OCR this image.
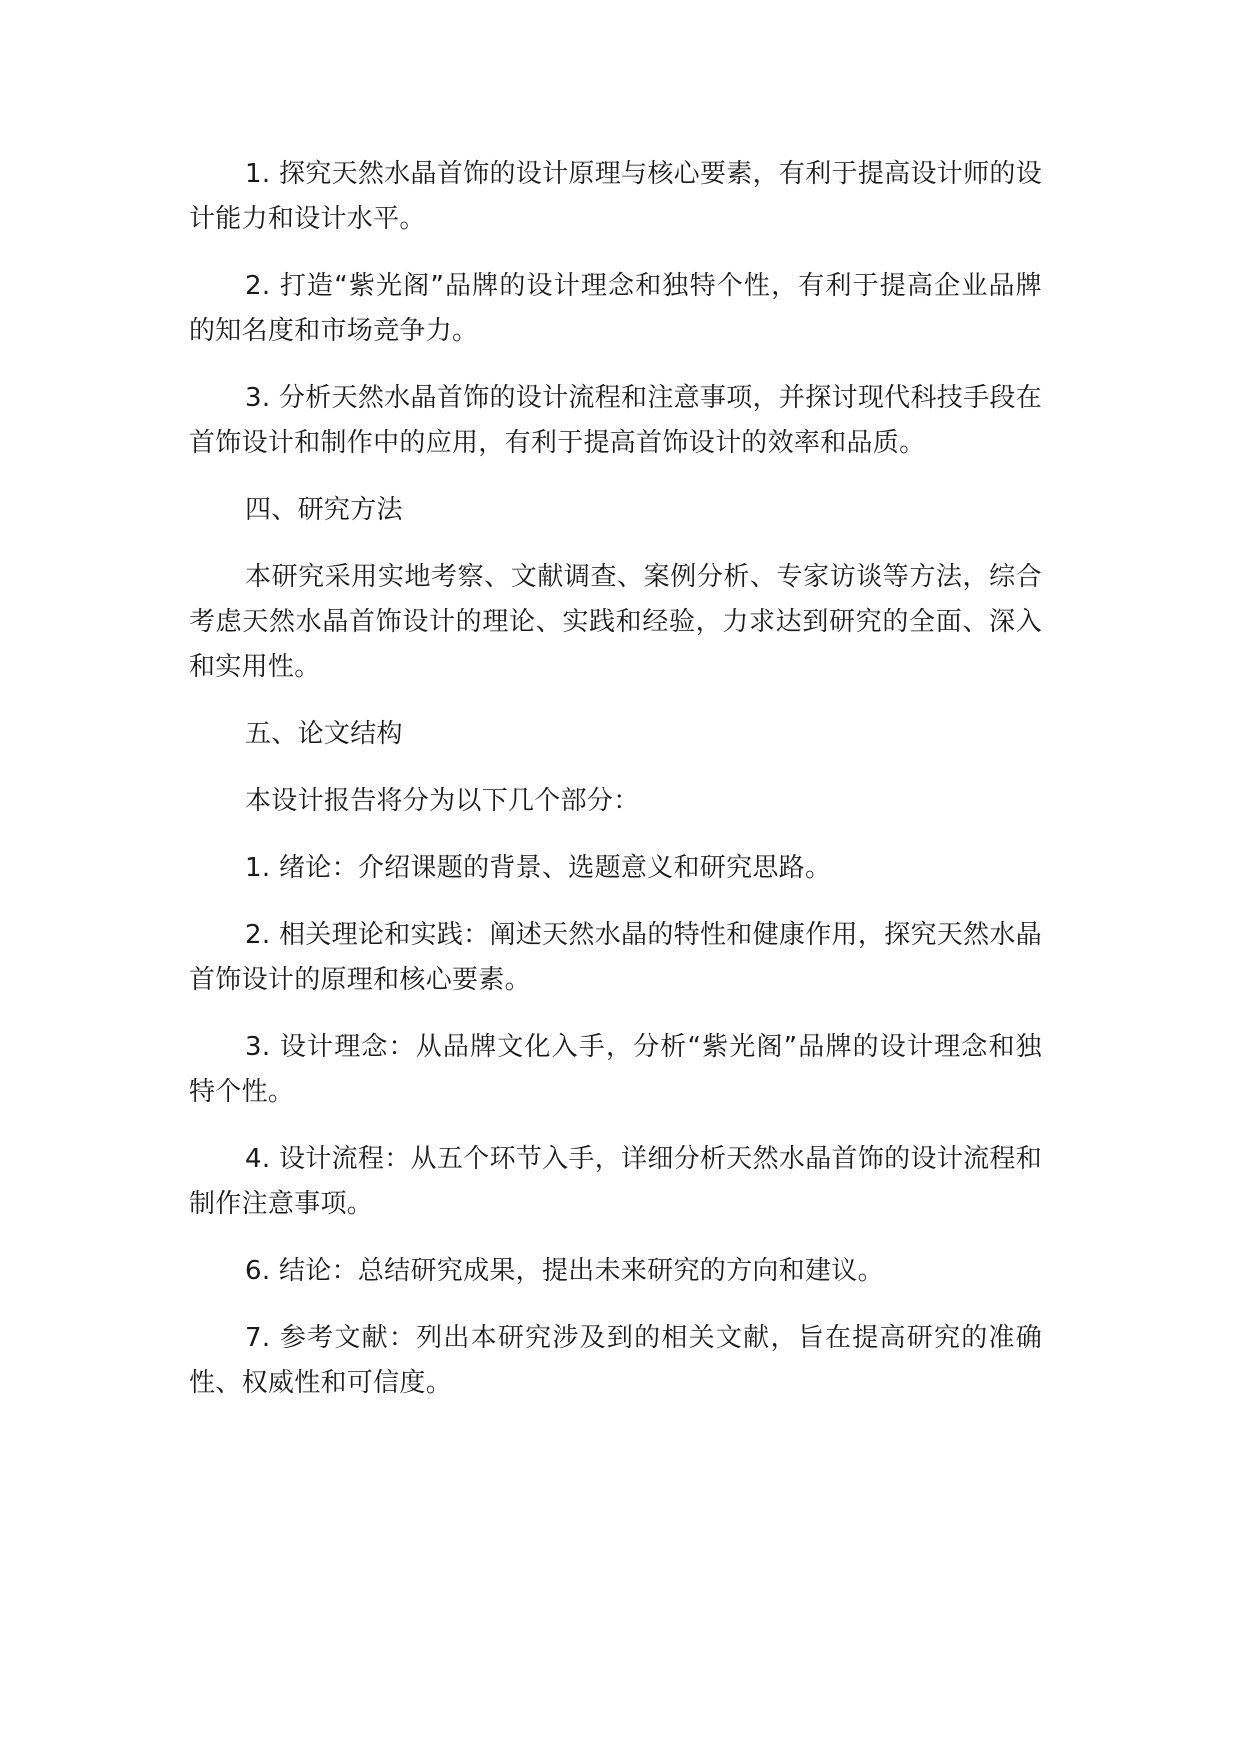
1. 探究天然水晶首饰的设计原理与核心要素，有利于提高设计师的设计能力和设计水平。

2. 打造“紫光阁”品牌的设计理念和独特个性，有利于提高企业品牌的知名度和市场竞争力。

3. 分析天然水晶首饰的设计流程和注意事项，并探讨现代科技手段在首饰设计和制作中的应用，有利于提高首饰设计的效率和品质。

四、研究方法

本研究采用实地考察、文献调查、案例分析、专家访谈等方法，综合考虑天然水晶首饰设计的理论、实践和经验，力求达到研究的全面、深入和实用性。

五、论文结构

本设计报告将分为以下几个部分：

1. 绪论：介绍课题的背景、选题意义和研究思路。

2. 相关理论和实践：阐述天然水晶的特性和健康作用，探究天然水晶首饰设计的原理和核心要素。

3. 设计理念：从品牌文化入手，分析“紫光阁”品牌的设计理念和独特个性。

4. 设计流程：从五个环节入手，详细分析天然水晶首饰的设计流程和制作注意事项。

6. 结论：总结研究成果，提出未来研究的方向和建议。

7. 参考文献：列出本研究涉及到的相关文献，旨在提高研究的准确性、权威性和可信度。
